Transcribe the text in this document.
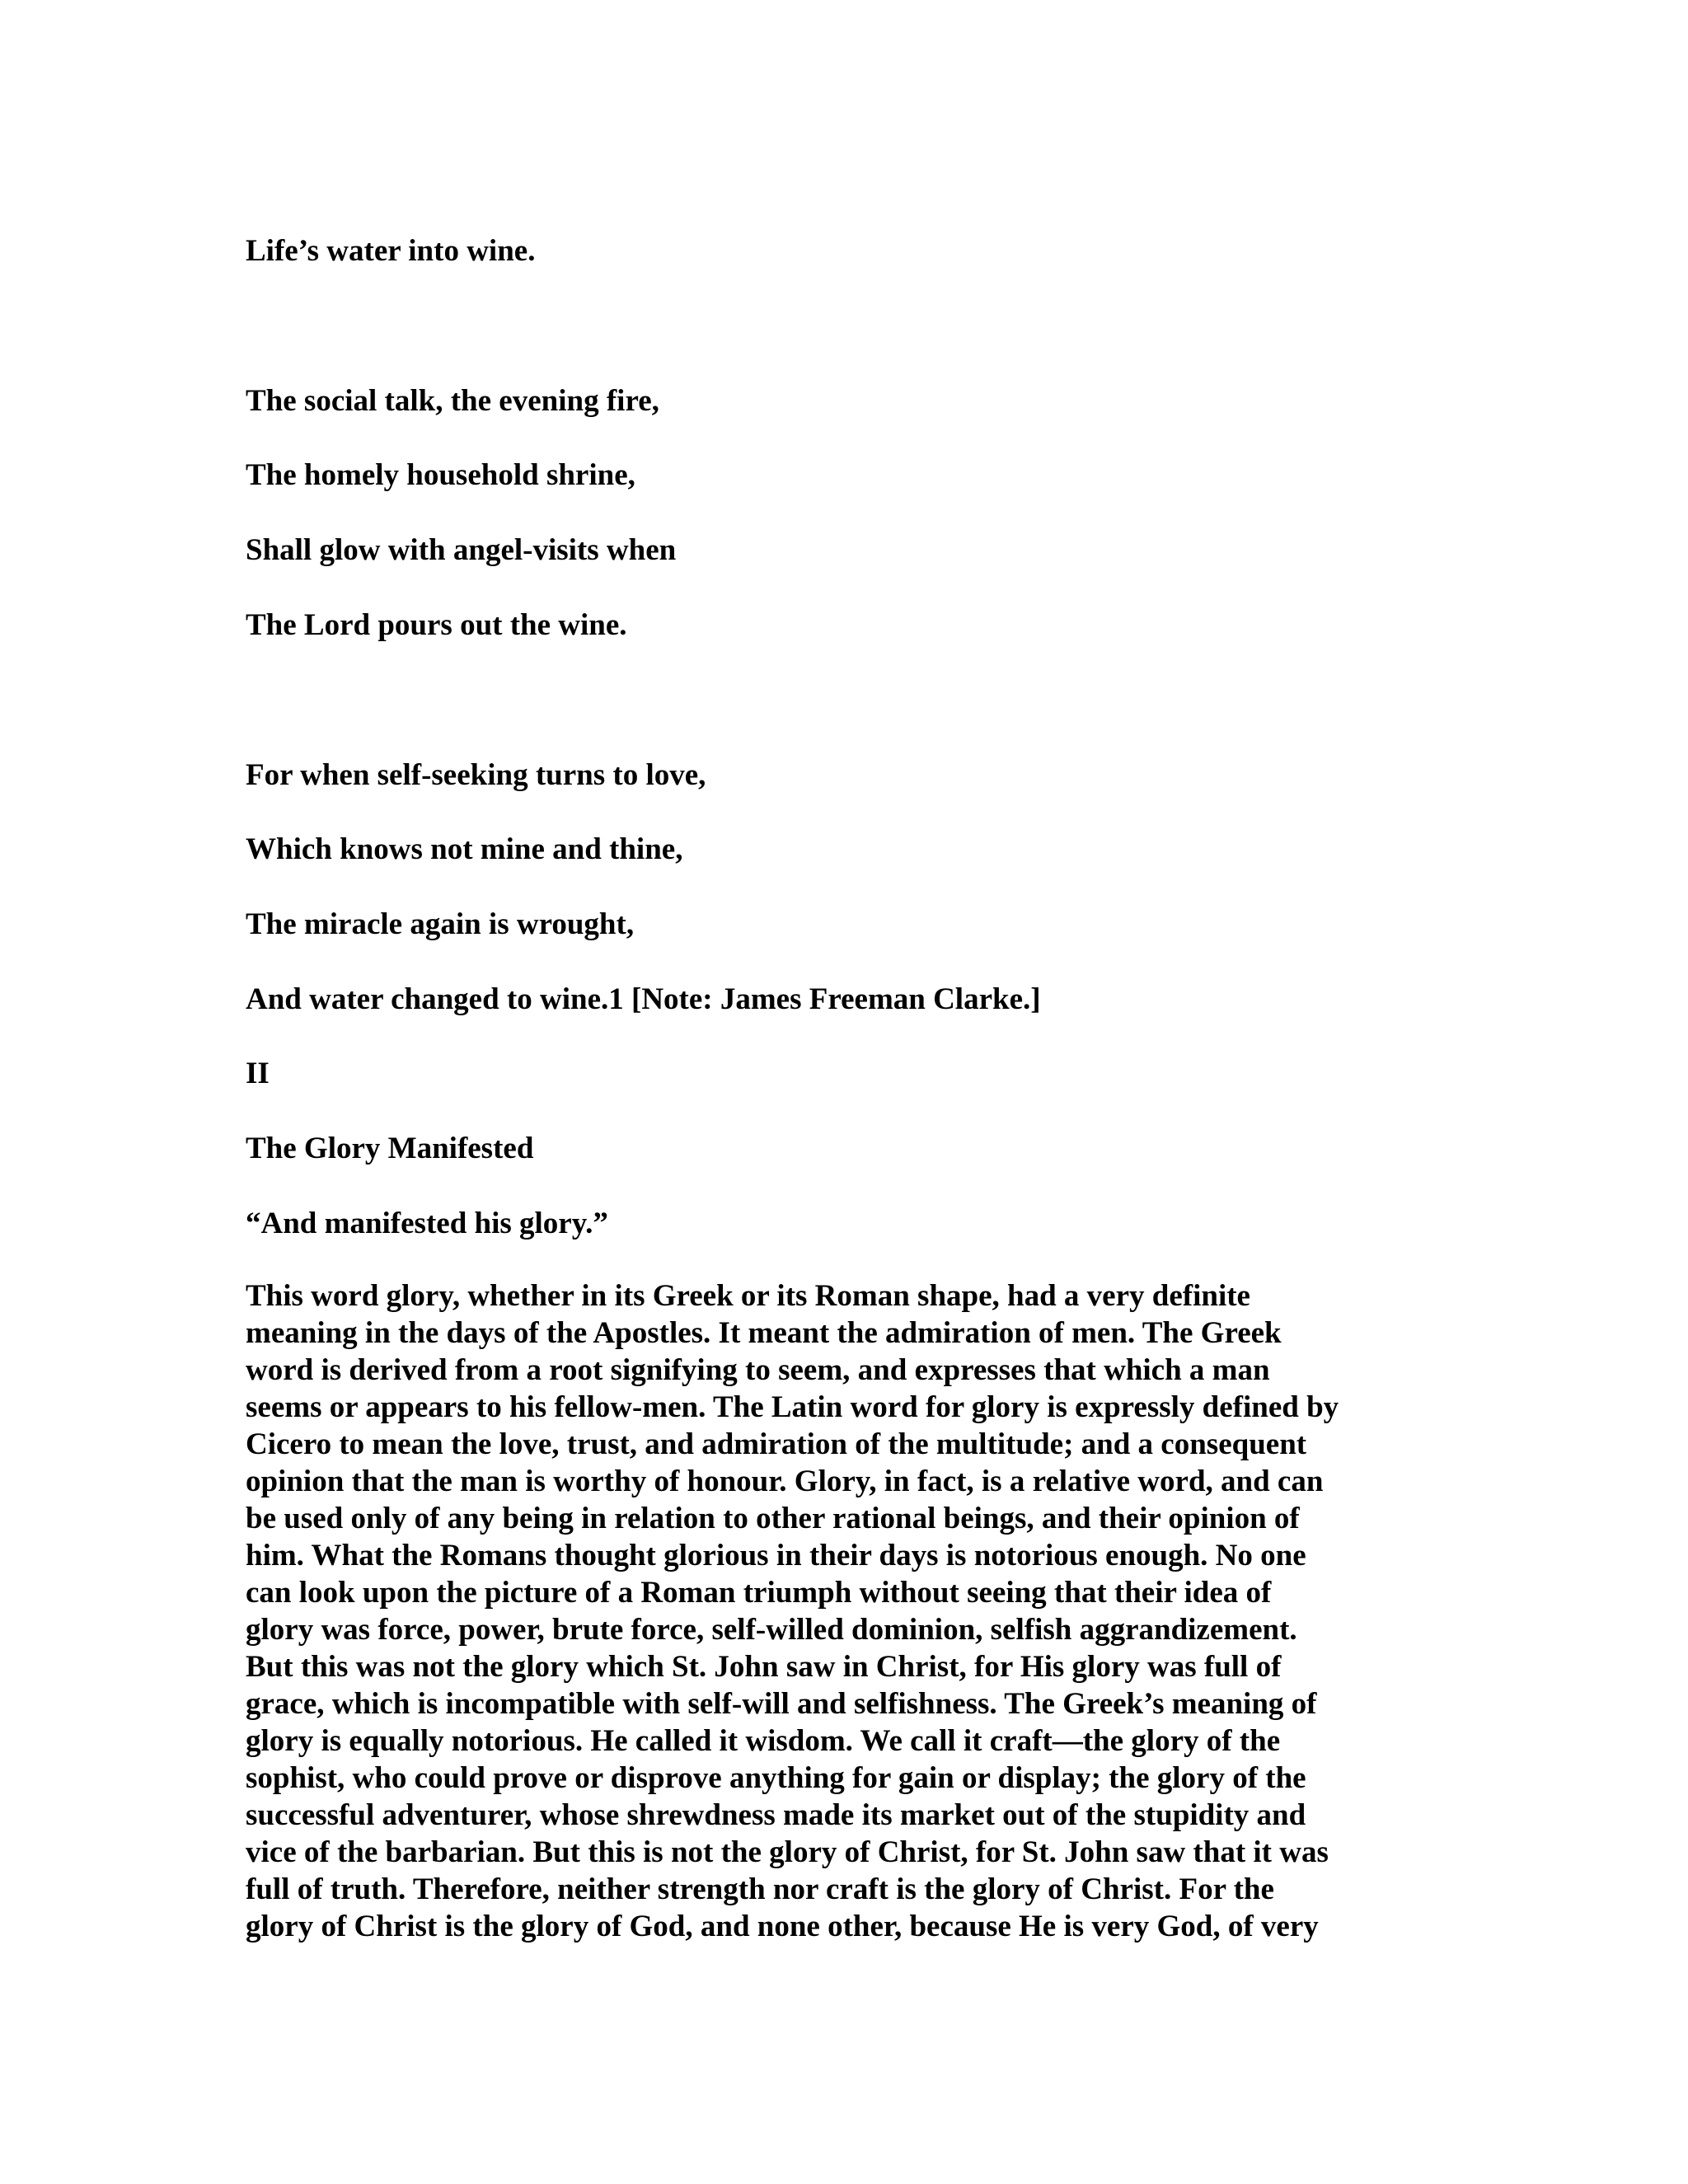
Life’s water into wine.

The social talk, the evening fire,

The homely household shrine,

Shall glow with angel-visits when

The Lord pours out the wine.

For when self-seeking turns to love,

Which knows not mine and thine,

The miracle again is wrought,

And water changed to wine.1 [Note: James Freeman Clarke.]

II

The Glory Manifested

“And manifested his glory.”

This word glory, whether in its Greek or its Roman shape, had a very definite
meaning in the days of the Apostles. It meant the admiration of men. The Greek
word is derived from a root signifying to seem, and expresses that which a man
seems or appears to his fellow-men. The Latin word for glory is expressly defined by
Cicero to mean the love, trust, and admiration of the multitude; and a consequent
opinion that the man is worthy of honour. Glory, in fact, is a relative word, and can
be used only of any being in relation to other rational beings, and their opinion of
him. What the Romans thought glorious in their days is notorious enough. No one
can look upon the picture of a Roman triumph without seeing that their idea of
glory was force, power, brute force, self-willed dominion, selfish aggrandizement.
But this was not the glory which St. John saw in Christ, for His glory was full of
grace, which is incompatible with self-will and selfishness. The Greek’s meaning of
glory is equally notorious. He called it wisdom. We call it craft—the glory of the
sophist, who could prove or disprove anything for gain or display; the glory of the
successful adventurer, whose shrewdness made its market out of the stupidity and
vice of the barbarian. But this is not the glory of Christ, for St. John saw that it was
full of truth. Therefore, neither strength nor craft is the glory of Christ. For the
glory of Christ is the glory of God, and none other, because He is very God, of very
